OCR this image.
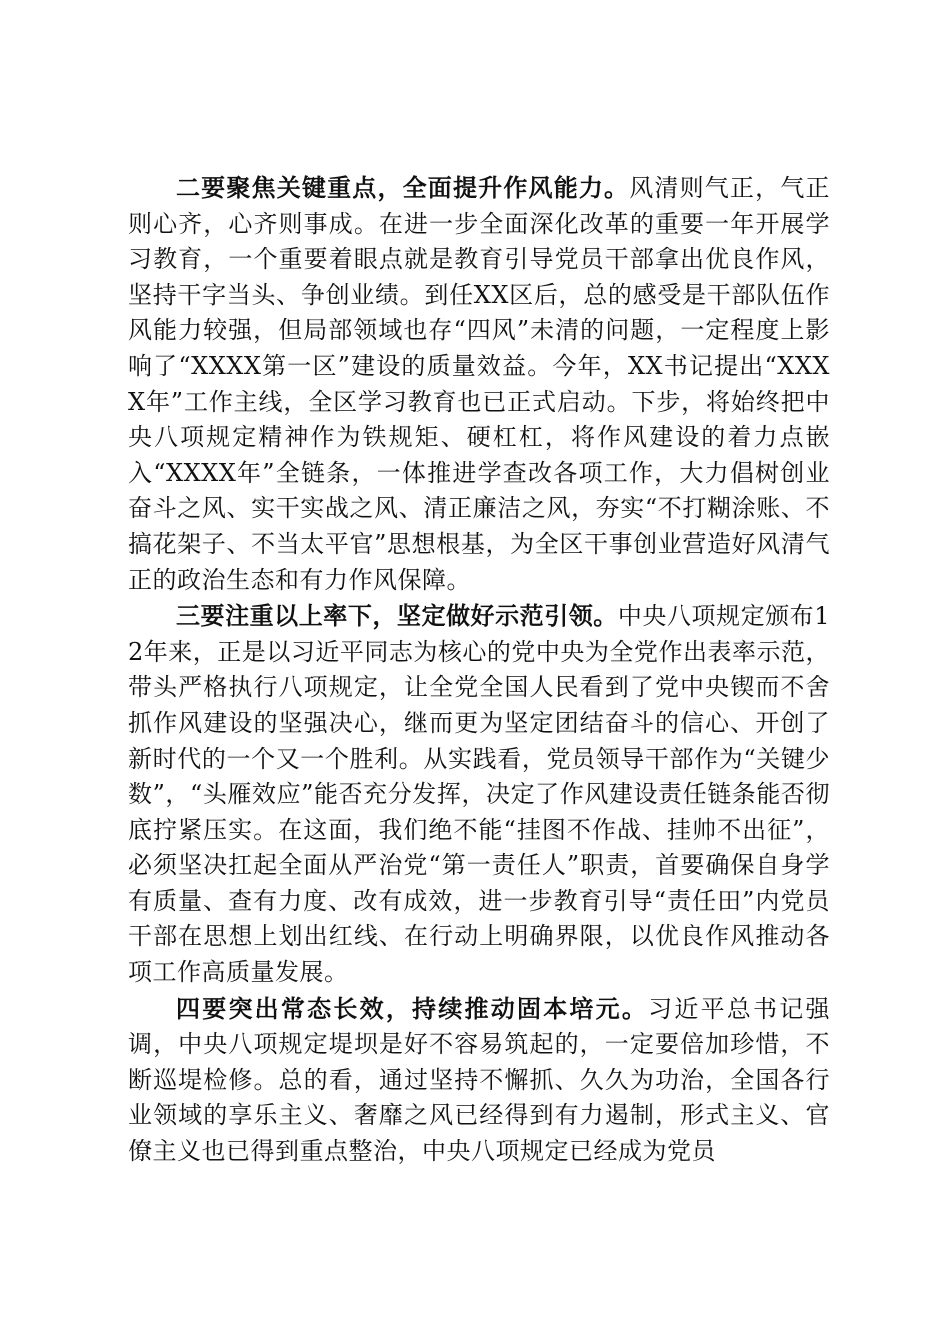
二要聚焦关键重点，全面提升作风能力。风清则气正，气正则心齐，心齐则事成。在进一步全面深化改革的重要一年开展学习教育，一个重要着眼点就是教育引导党员干部拿出优良作风，坚持干字当头、争创业绩。到任XX区后，总的感受是干部队伍作风能力较强，但局部领域也存“四风”未清的问题，一定程度上影响了“XXXX第一区”建设的质量效益。今年，XX书记提出“XXXX年”工作主线，全区学习教育也已正式启动。下步，将始终把中央八项规定精神作为铁规矩、硬杠杠，将作风建设的着力点嵌入“XXXX年”全链条，一体推进学查改各项工作，大力倡树创业奋斗之风、实干实战之风、清正廉洁之风，夯实“不打糊涂账、不搞花架子、不当太平官”思想根基，为全区干事创业营造好风清气正的政治生态和有力作风保障。

三要注重以上率下，坚定做好示范引领。中央八项规定颁布12年来，正是以习近平同志为核心的党中央为全党作出表率示范，带头严格执行八项规定，让全党全国人民看到了党中央锲而不舍抓作风建设的坚强决心，继而更为坚定团结奋斗的信心、开创了新时代的一个又一个胜利。从实践看，党员领导干部作为“关键少数”，“头雁效应”能否充分发挥，决定了作风建设责任链条能否彻底拧紧压实。在这面，我们绝不能“挂图不作战、挂帅不出征”，必须坚决扛起全面从严治党“第一责任人”职责，首要确保自身学有质量、查有力度、改有成效，进一步教育引导“责任田”内党员干部在思想上划出红线、在行动上明确界限，以优良作风推动各项工作高质量发展。

四要突出常态长效，持续推动固本培元。习近平总书记强调，中央八项规定堤坝是好不容易筑起的，一定要倍加珍惜，不断巡堤检修。总的看，通过坚持不懈抓、久久为功治，全国各行业领域的享乐主义、奢靡之风已经得到有力遏制，形式主义、官僚主义也已得到重点整治，中央八项规定已经成为党员
